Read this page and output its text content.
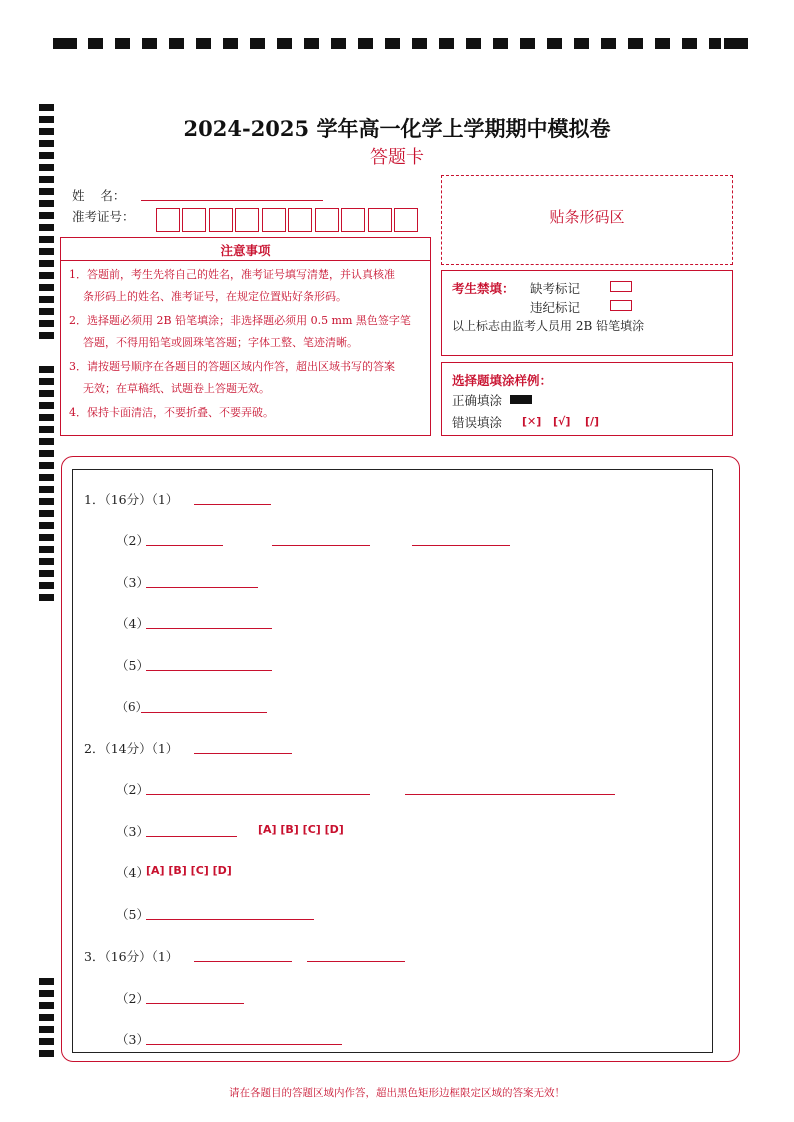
2024-2025 学年高一化学上学期期中模拟卷
答题卡
姓    名：
准考证号：	贴条形码区
注意事项
1．答题前，考生先将自己的姓名，准考证号填写清楚，并认真核准
条形码上的姓名、准考证号，在规定位置贴好条形码。
2．选择题必须用 2B 铅笔填涂；非选择题必须用 0.5 mm 黑色签字笔
答题，不得用铅笔或圆珠笔答题；字体工整、笔迹清晰。
3．请按题号顺序在各题目的答题区域内作答，超出区域书写的答案
无效；在草稿纸、试题卷上答题无效。
4．保持卡面清洁，不要折叠、不要弄破。
考生禁填： 缺考标记
违纪标记
以上标志由监考人员用 2B 铅笔填涂
选择题填涂样例：
正确填涂
错误填涂 [✕] [√] [/]
1．（16分）（1）
（2）
（3）
（4）
（5）
（6）
2．（14分）（1）
（2）
（3）	[A] [B] [C] [D]
（4）
[A] [B] [C] [D]
（5）
3．（16分）（1）
（2）
（3）
请在各题目的答题区域内作答，超出黑色矩形边框限定区域的答案无效！
